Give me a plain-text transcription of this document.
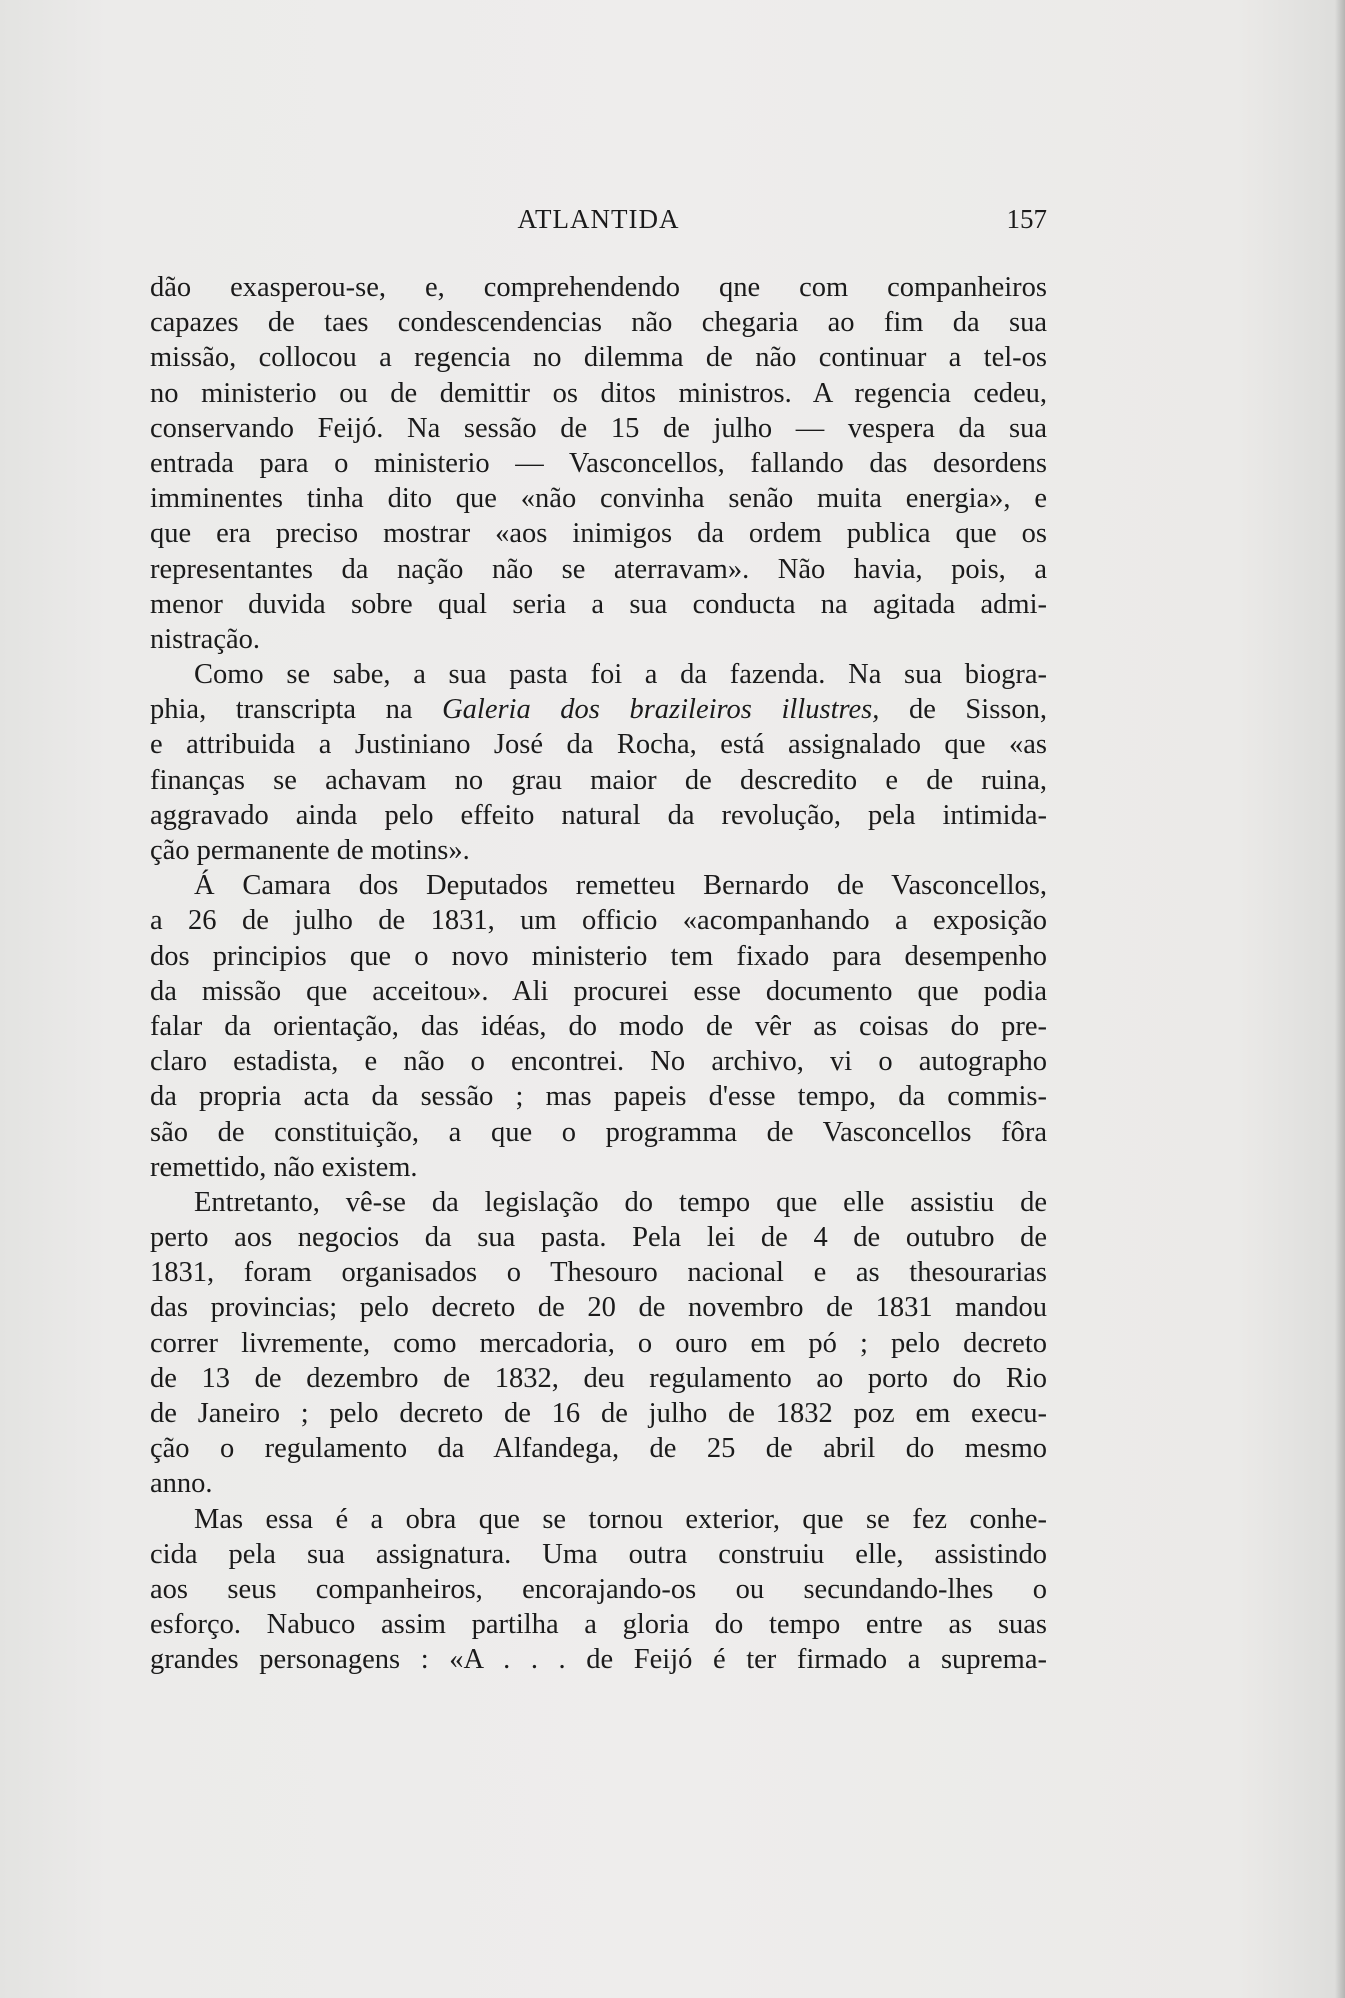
ATLANTIDA	157
dão exasperou-se, e, comprehendendo qne com companheiros
capazes de taes condescendencias não chegaria ao fim da sua
missão, collocou a regencia no dilemma de não continuar a tel-os
no ministerio ou de demittir os ditos ministros. A regencia cedeu,
conservando Feijó. Na sessão de 15 de julho — vespera da sua
entrada para o ministerio — Vasconcellos, fallando das desordens
imminentes tinha dito que «não convinha senão muita energia», e
que era preciso mostrar «aos inimigos da ordem publica que os
representantes da nação não se aterravam». Não havia, pois, a
menor duvida sobre qual seria a sua conducta na agitada admi-
nistração.
Como se sabe, a sua pasta foi a da fazenda. Na sua biogra-
phia, transcripta na Galeria dos brazileiros illustres, de Sisson,
e attribuida a Justiniano José da Rocha, está assignalado que «as
finanças se achavam no grau maior de descredito e de ruina,
aggravado ainda pelo effeito natural da revolução, pela intimida-
ção permanente de motins».
Á Camara dos Deputados remetteu Bernardo de Vasconcellos,
a 26 de julho de 1831, um officio «acompanhando a exposição
dos principios que o novo ministerio tem fixado para desempenho
da missão que acceitou». Ali procurei esse documento que podia
falar da orientação, das idéas, do modo de vêr as coisas do pre-
claro estadista, e não o encontrei. No archivo, vi o autographo
da propria acta da sessão ; mas papeis d'esse tempo, da commis-
são de constituição, a que o programma de Vasconcellos fôra
remettido, não existem.
Entretanto, vê-se da legislação do tempo que elle assistiu de
perto aos negocios da sua pasta. Pela lei de 4 de outubro de
1831, foram organisados o Thesouro nacional e as thesourarias
das provincias; pelo decreto de 20 de novembro de 1831 mandou
correr livremente, como mercadoria, o ouro em pó ; pelo decreto
de 13 de dezembro de 1832, deu regulamento ao porto do Rio
de Janeiro ; pelo decreto de 16 de julho de 1832 poz em execu-
ção o regulamento da Alfandega, de 25 de abril do mesmo
anno.
Mas essa é a obra que se tornou exterior, que se fez conhe-
cida pela sua assignatura. Uma outra construiu elle, assistindo
aos seus companheiros, encorajando-os ou secundando-lhes o
esforço. Nabuco assim partilha a gloria do tempo entre as suas
grandes personagens : «A . . . de Feijó é ter firmado a suprema-
